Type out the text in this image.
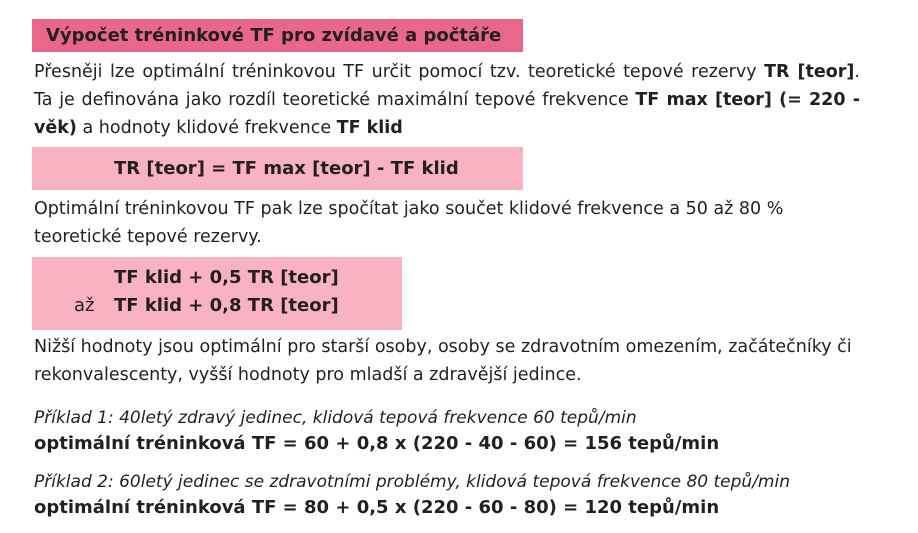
Výpočet tréninkové TF pro zvídavé a počtáře

Přesněji lze optimální tréninkovou TF určit pomocí tzv. teoretické tepové rezervy TR [teor]. Ta je definována jako rozdíl teoretické maximální tepové frekvence TF max [teor] (= 220 - věk) a hodnoty klidové frekvence TF klid

TR [teor] = TF max [teor] - TF klid

Optimální tréninkovou TF pak lze spočítat jako součet klidové frekvence a 50 až 80 % teoretické tepové rezervy.

TF klid + 0,5 TR [teor]
až TF klid + 0,8 TR [teor]

Nižší hodnoty jsou optimální pro starší osoby, osoby se zdravotním omezením, začátečníky či rekonvalescenty, vyšší hodnoty pro mladší a zdravější jedince.

Příklad 1: 40letý zdravý jedinec, klidová tepová frekvence 60 tepů/min

optimální tréninková TF = 60 + 0,8 x (220 - 40 - 60) = 156 tepů/min

Příklad 2: 60letý jedinec se zdravotními problémy, klidová tepová frekvence 80 tepů/min

optimální tréninková TF = 80 + 0,5 x (220 - 60 - 80) = 120 tepů/min
